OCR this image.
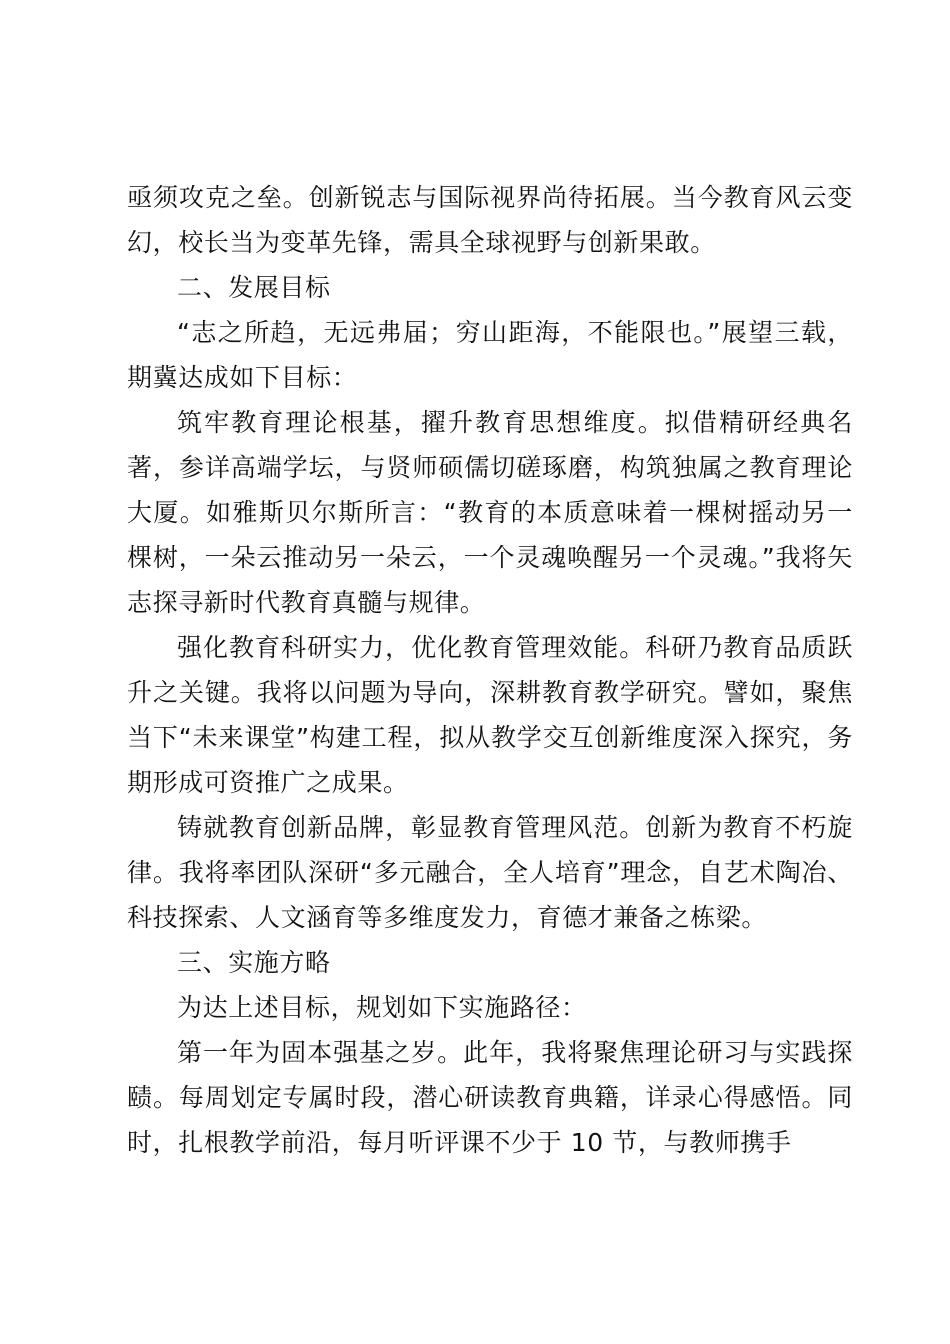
亟须攻克之垒。创新锐志与国际视界尚待拓展。当今教育风云变幻，校长当为变革先锋，需具全球视野与创新果敢。

二、发展目标

“志之所趋，无远弗届；穷山距海，不能限也。”展望三载，期冀达成如下目标：

筑牢教育理论根基，擢升教育思想维度。拟借精研经典名著，参详高端学坛，与贤师硕儒切磋琢磨，构筑独属之教育理论大厦。如雅斯贝尔斯所言：“教育的本质意味着一棵树摇动另一棵树，一朵云推动另一朵云，一个灵魂唤醒另一个灵魂。”我将矢志探寻新时代教育真髓与规律。

强化教育科研实力，优化教育管理效能。科研乃教育品质跃升之关键。我将以问题为导向，深耕教育教学研究。譬如，聚焦当下“未来课堂”构建工程，拟从教学交互创新维度深入探究，务期形成可资推广之成果。

铸就教育创新品牌，彰显教育管理风范。创新为教育不朽旋律。我将率团队深研“多元融合，全人培育”理念，自艺术陶冶、科技探索、人文涵育等多维度发力，育德才兼备之栋梁。

三、实施方略

为达上述目标，规划如下实施路径：

第一年为固本强基之岁。此年，我将聚焦理论研习与实践探赜。每周划定专属时段，潜心研读教育典籍，详录心得感悟。同时，扎根教学前沿，每月听评课不少于 10 节，与教师携手
